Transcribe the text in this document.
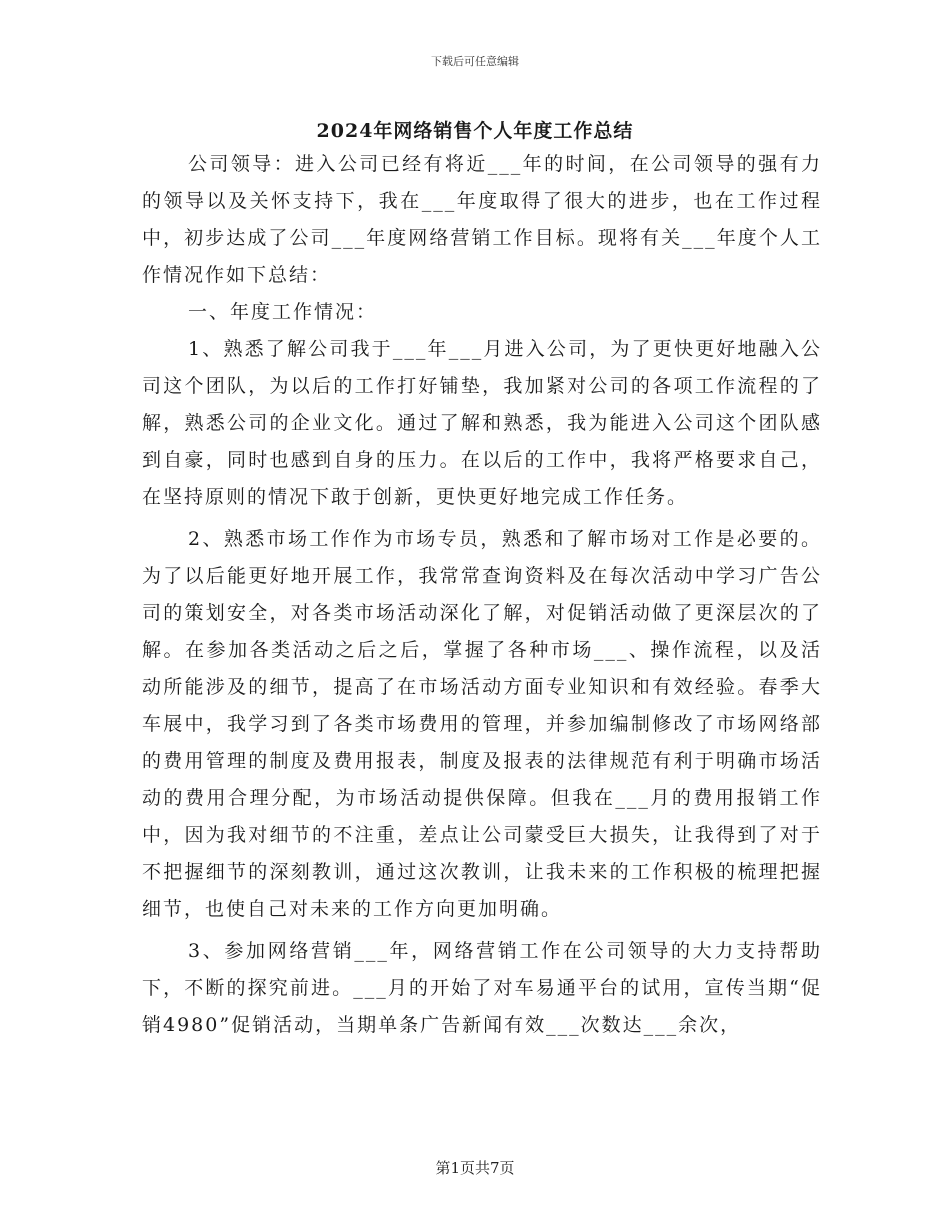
下载后可任意编辑
2024年网络销售个人年度工作总结

公司领导：进入公司已经有将近___年的时间，在公司领导的强有力的领导以及关怀支持下，我在___年度取得了很大的进步，也在工作过程中，初步达成了公司___年度网络营销工作目标。现将有关___年度个人工作情况作如下总结：

一、年度工作情况：

1、熟悉了解公司我于___年___月进入公司，为了更快更好地融入公司这个团队，为以后的工作打好铺垫，我加紧对公司的各项工作流程的了解，熟悉公司的企业文化。通过了解和熟悉，我为能进入公司这个团队感到自豪，同时也感到自身的压力。在以后的工作中，我将严格要求自己，在坚持原则的情况下敢于创新，更快更好地完成工作任务。

2、熟悉市场工作作为市场专员，熟悉和了解市场对工作是必要的。为了以后能更好地开展工作，我常常查询资料及在每次活动中学习广告公司的策划安全，对各类市场活动深化了解，对促销活动做了更深层次的了解。在参加各类活动之后之后，掌握了各种市场___、操作流程，以及活动所能涉及的细节，提高了在市场活动方面专业知识和有效经验。春季大车展中，我学习到了各类市场费用的管理，并参加编制修改了市场网络部的费用管理的制度及费用报表，制度及报表的法律规范有利于明确市场活动的费用合理分配，为市场活动提供保障。但我在___月的费用报销工作中，因为我对细节的不注重，差点让公司蒙受巨大损失，让我得到了对于不把握细节的深刻教训，通过这次教训，让我未来的工作积极的梳理把握细节，也使自己对未来的工作方向更加明确。

3、参加网络营销___年，网络营销工作在公司领导的大力支持帮助下，不断的探究前进。___月的开始了对车易通平台的试用，宣传当期“促销4980”促销活动，当期单条广告新闻有效___次数达___余次，

第1页共7页
